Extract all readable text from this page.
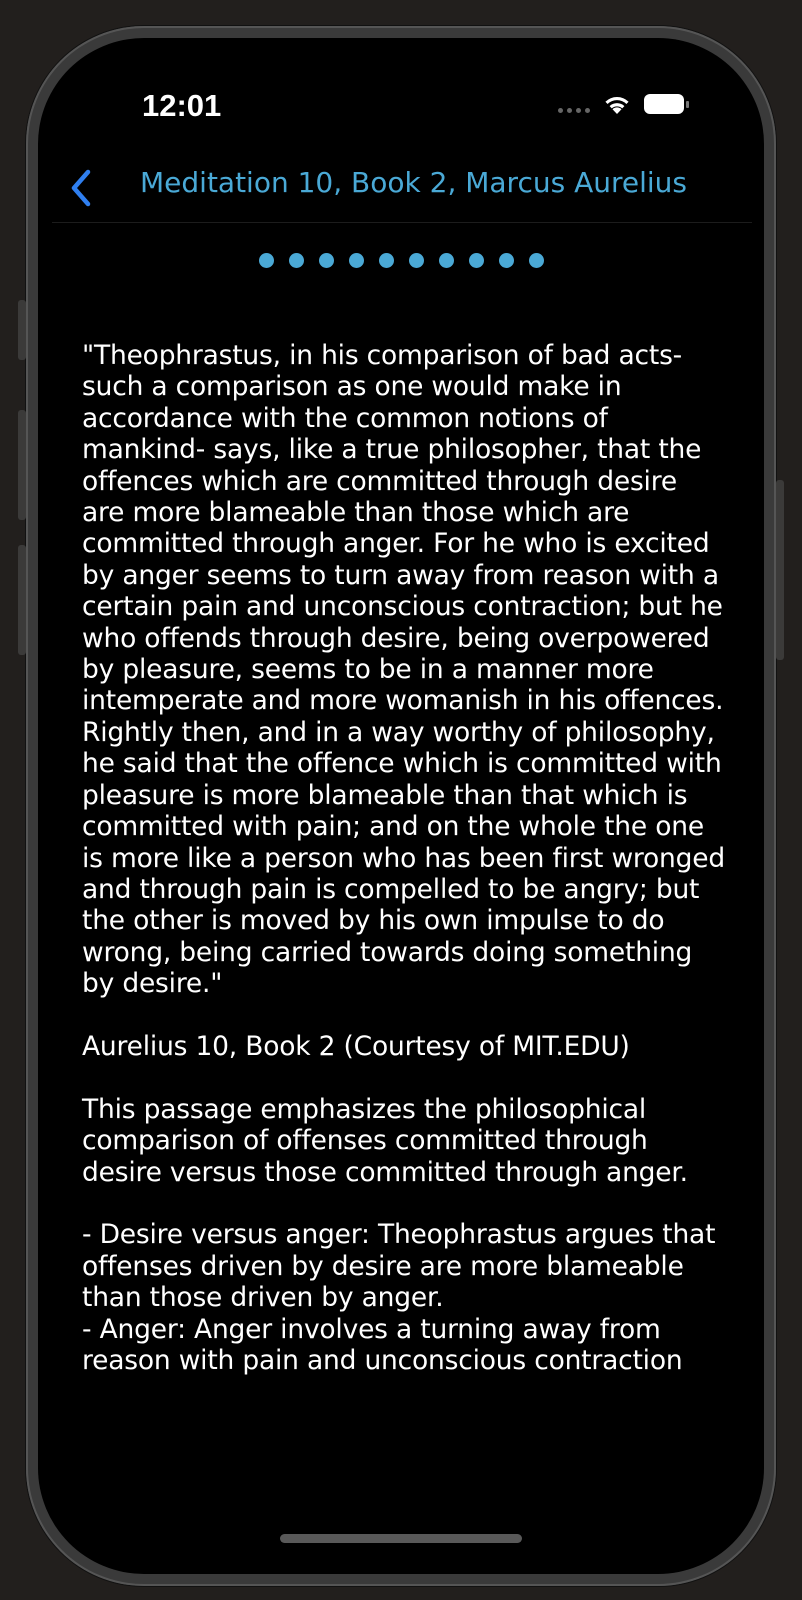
12:01
Meditation 10, Book 2, Marcus Aurelius

"Theophrastus, in his comparison of bad acts- such a comparison as one would make in accordance with the common notions of mankind- says, like a true philosopher, that the offences which are committed through desire are more blameable than those which are committed through anger. For he who is excited by anger seems to turn away from reason with a certain pain and unconscious contraction; but he who offends through desire, being overpowered by pleasure, seems to be in a manner more intemperate and more womanish in his offences. Rightly then, and in a way worthy of philosophy, he said that the offence which is committed with pleasure is more blameable than that which is committed with pain; and on the whole the one is more like a person who has been first wronged and through pain is compelled to be angry; but the other is moved by his own impulse to do wrong, being carried towards doing something by desire."

Aurelius 10, Book 2 (Courtesy of MIT.EDU)

This passage emphasizes the philosophical comparison of offenses committed through desire versus those committed through anger.

- Desire versus anger: Theophrastus argues that offenses driven by desire are more blameable than those driven by anger.

- Anger: Anger involves a turning away from reason with pain and unconscious contraction
